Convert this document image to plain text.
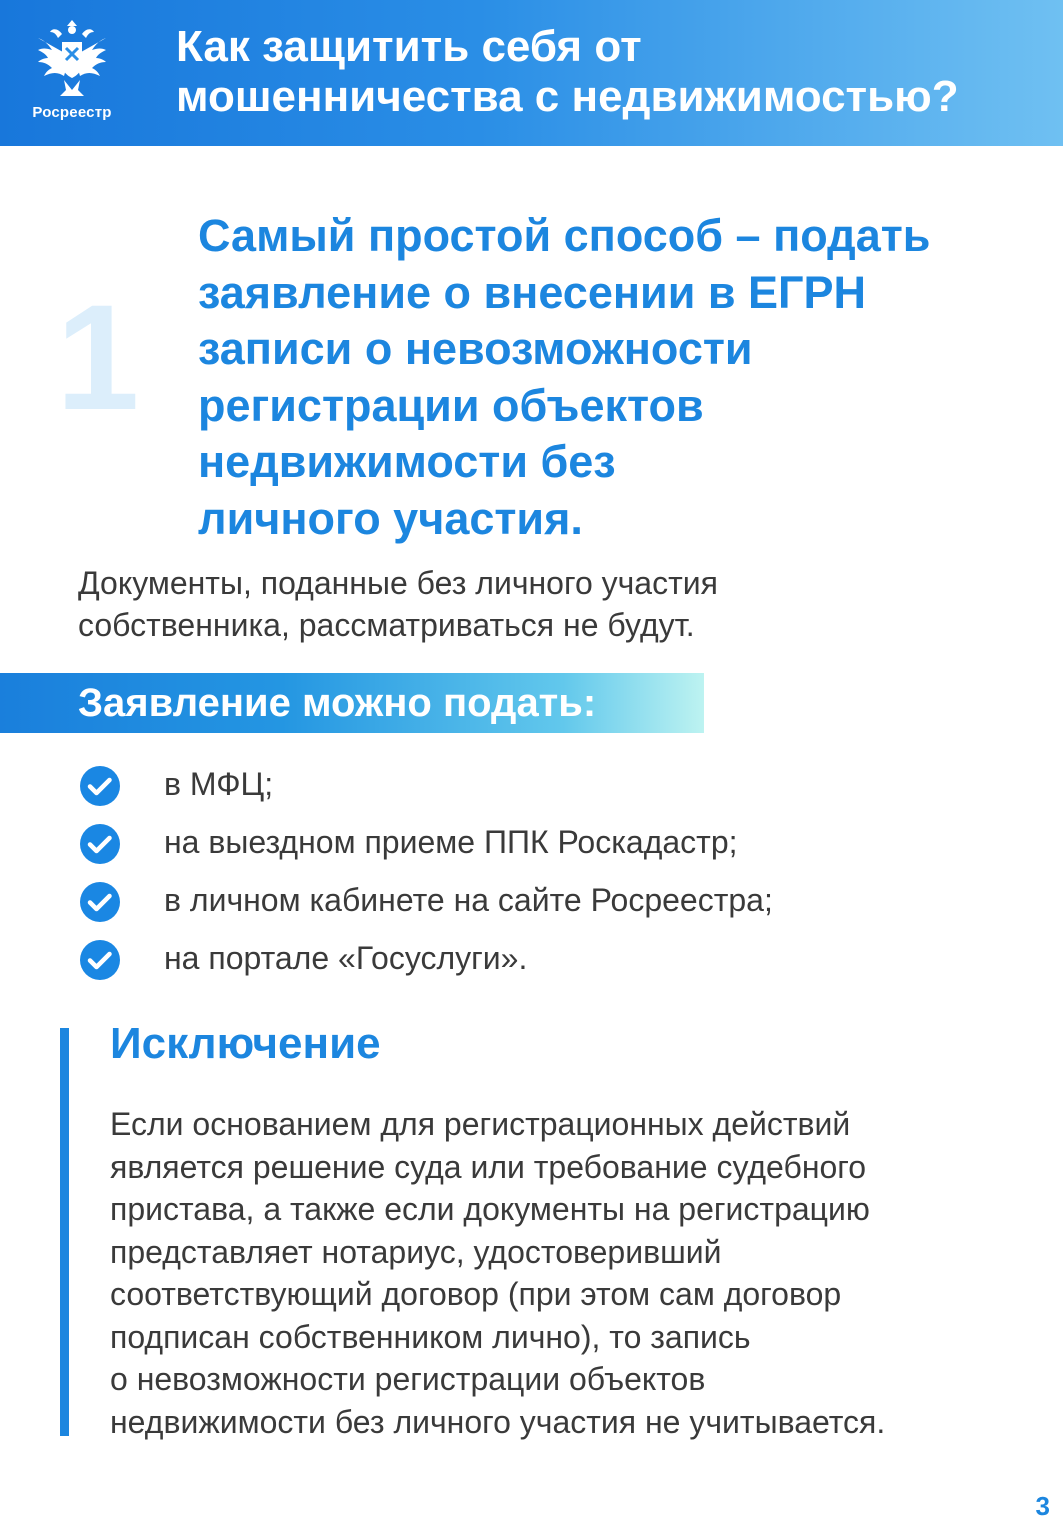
Росреестр
Как защитить себя от
мошенничества с недвижимостью?
1
Самый простой способ – подать
заявление о внесении в ЕГРН
записи о невозможности
регистрации объектов
недвижимости без
личного участия.
Документы, поданные без личного участия
собственника, рассматриваться не будут.
Заявление можно подать:
в МФЦ;
на выездном приеме ППК Роскадастр;
в личном кабинете на сайте Росреестра;
на портале «Госуслуги».
Исключение
Если основанием для регистрационных действий
является решение суда или требование судебного
пристава, а также если документы на регистрацию
представляет нотариус, удостоверивший
соответствующий договор (при этом сам договор
подписан собственником лично), то запись
о невозможности регистрации объектов
недвижимости без личного участия не учитывается.
3
